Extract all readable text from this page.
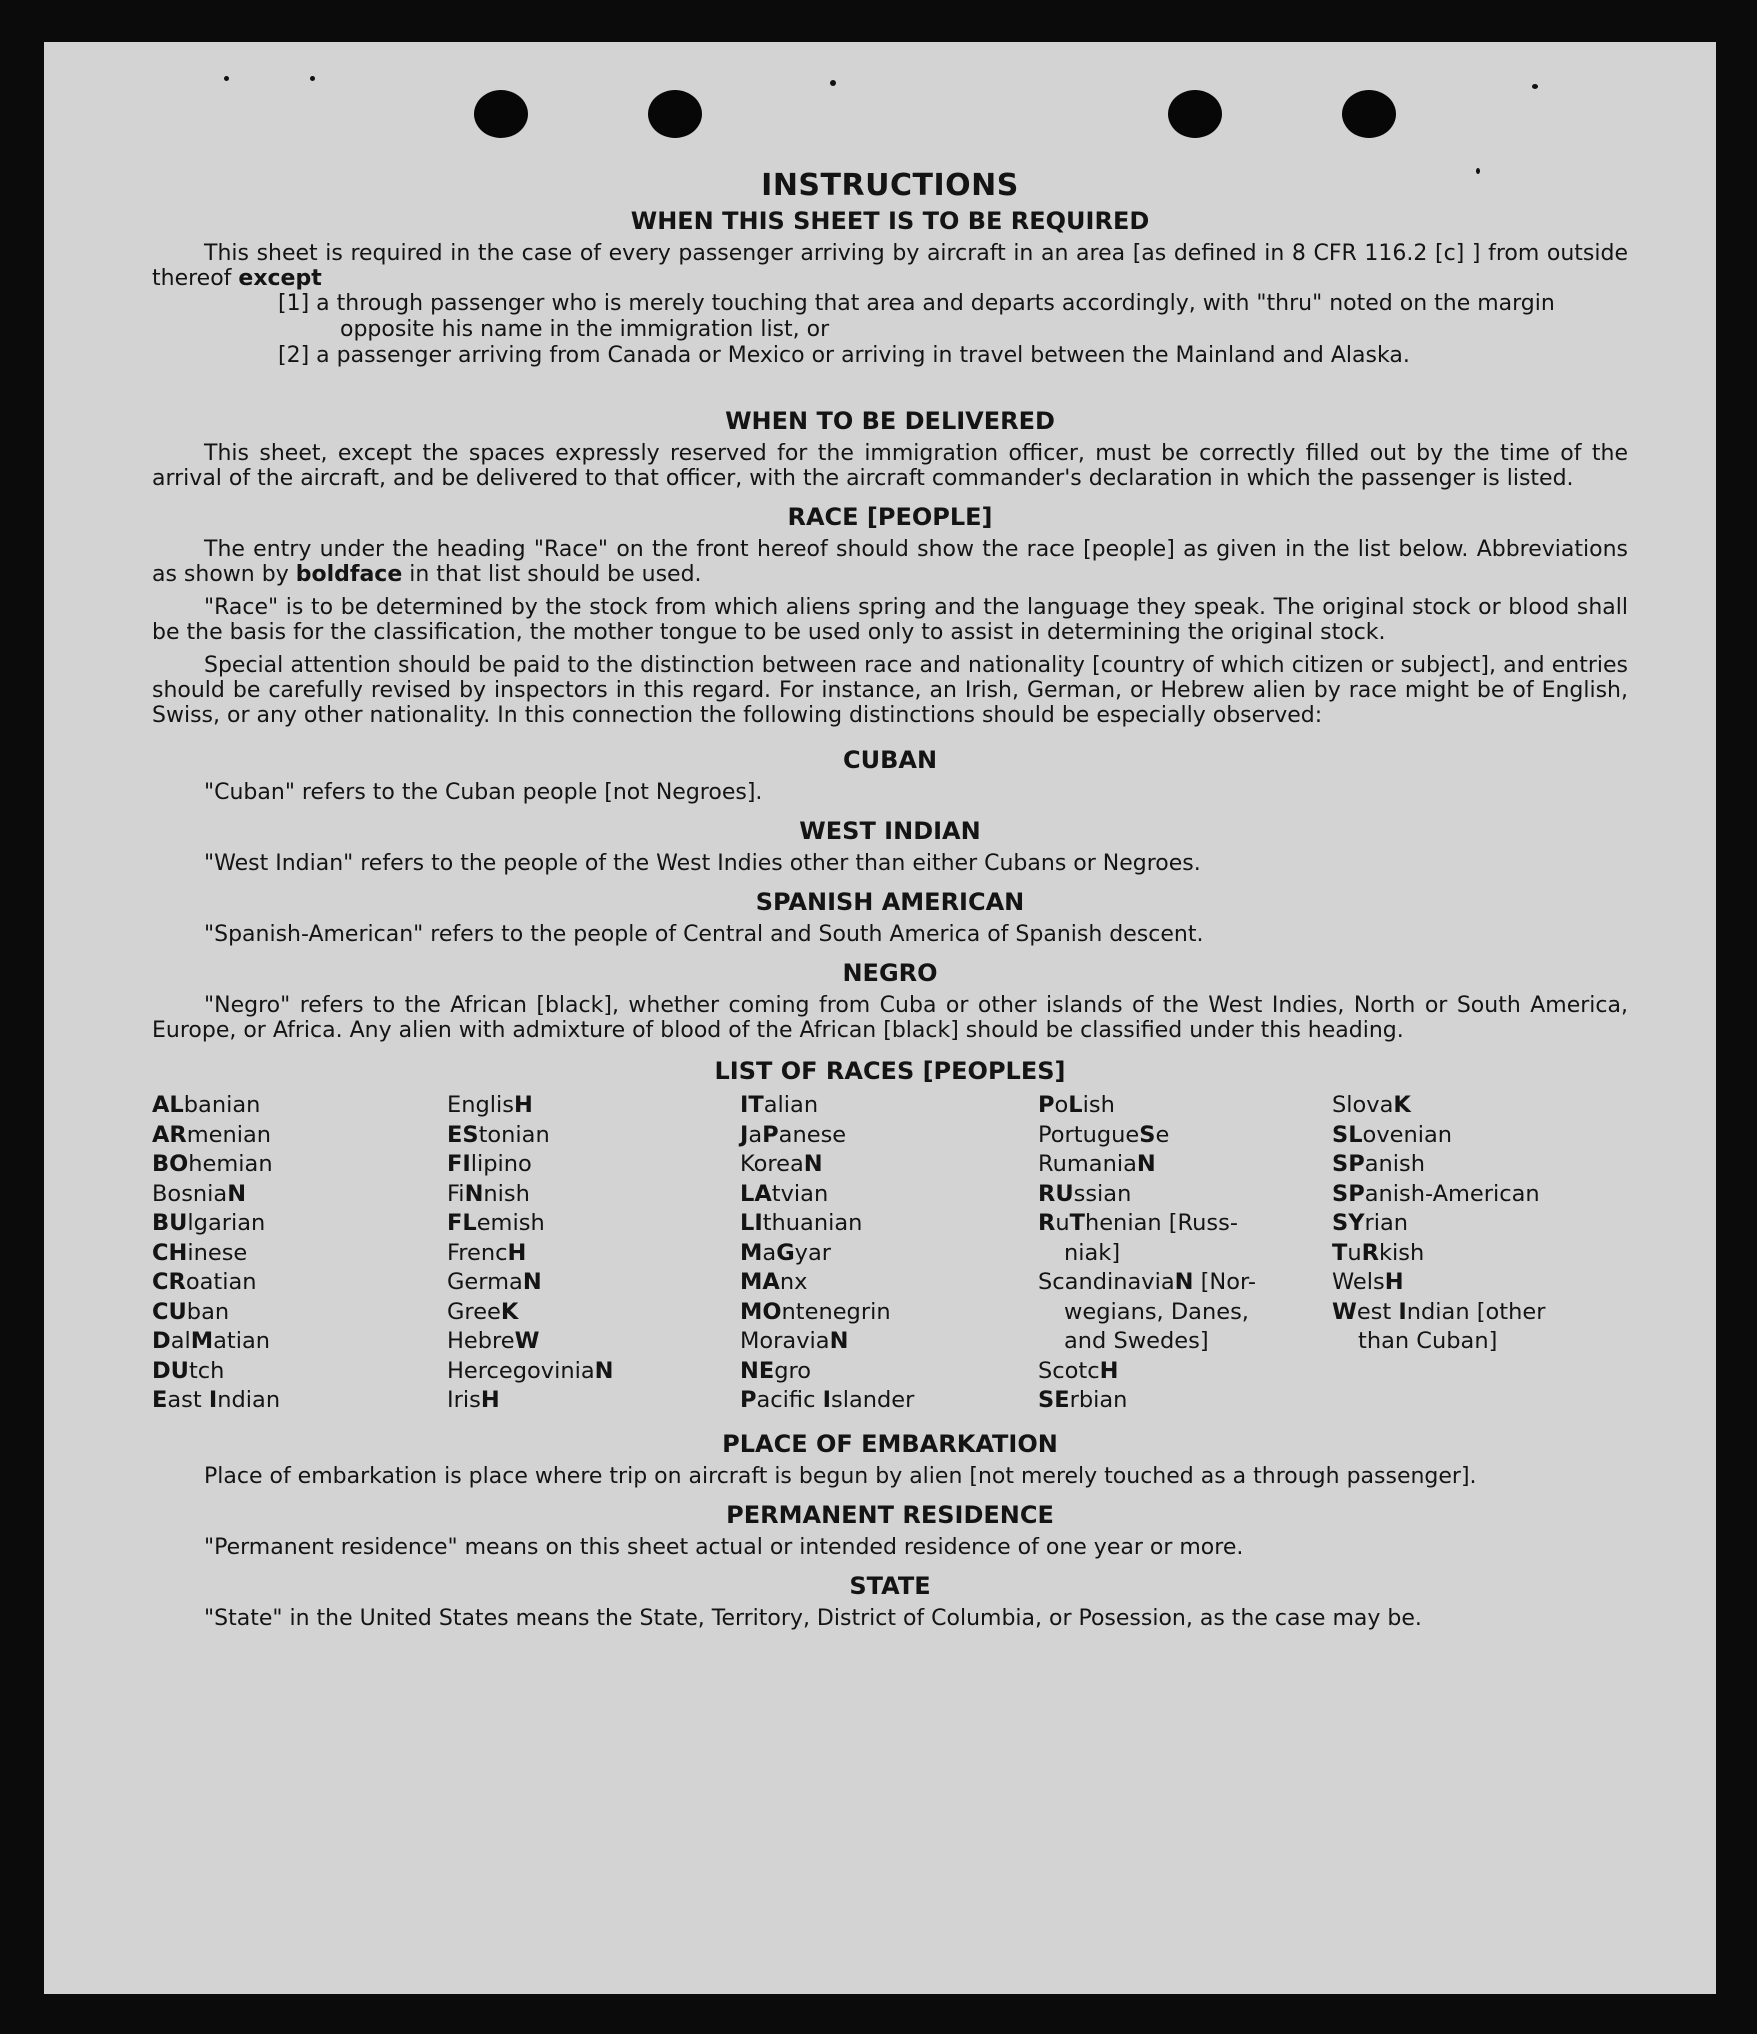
INSTRUCTIONS
WHEN THIS SHEET IS TO BE REQUIRED

This sheet is required in the case of every passenger arriving by aircraft in an area [as defined in 8 CFR 116.2 [c] ] from outside thereof except

[1] a through passenger who is merely touching that area and departs accordingly, with "thru" noted on the margin opposite his name in the immigration list, or

[2] a passenger arriving from Canada or Mexico or arriving in travel between the Mainland and Alaska.

WHEN TO BE DELIVERED

This sheet, except the spaces expressly reserved for the immigration officer, must be correctly filled out by the time of the arrival of the aircraft, and be delivered to that officer, with the aircraft commander's declaration in which the passenger is listed.

RACE [PEOPLE]

The entry under the heading "Race" on the front hereof should show the race [people] as given in the list below. Abbreviations as shown by boldface in that list should be used.

"Race" is to be determined by the stock from which aliens spring and the language they speak. The original stock or blood shall be the basis for the classification, the mother tongue to be used only to assist in determining the original stock.

Special attention should be paid to the distinction between race and nationality [country of which citizen or subject], and entries should be carefully revised by inspectors in this regard. For instance, an Irish, German, or Hebrew alien by race might be of English, Swiss, or any other nationality. In this connection the following distinctions should be especially observed:

CUBAN

"Cuban" refers to the Cuban people [not Negroes].

WEST INDIAN

"West Indian" refers to the people of the West Indies other than either Cubans or Negroes.

SPANISH AMERICAN

"Spanish-American" refers to the people of Central and South America of Spanish descent.

NEGRO

"Negro" refers to the African [black], whether coming from Cuba or other islands of the West Indies, North or South America, Europe, or Africa. Any alien with admixture of blood of the African [black] should be classified under this heading.

LIST OF RACES [PEOPLES]
ALbanian
ARmenian
BOhemian
BosniaN
BUlgarian
CHinese
CRoatian
CUban
DalMatian
DUtch
East Indian
EnglisH
EStonian
FIlipino
FiNnish
FLemish
FrencH
GermaN
GreeK
HebreW
HercegoviniaN
IrisH
ITalian
JaPanese
KoreaN
LAtvian
LIthuanian
MaGyar
MAnx
MOntenegrin
MoraviaN
NEgro
Pacific Islander
PoLish
PortugueSe
RumaniaN
RUssian
RuThenian [Russ-
niak]
ScandinaviaN [Nor-
wegians, Danes,
and Swedes]
ScotcH
SErbian
SlovaK
SLovenian
SPanish
SPanish-American
SYrian
TuRkish
WelsH
West Indian [other
than Cuban]
PLACE OF EMBARKATION

Place of embarkation is place where trip on aircraft is begun by alien [not merely touched as a through passenger].

PERMANENT RESIDENCE

"Permanent residence" means on this sheet actual or intended residence of one year or more.

STATE

"State" in the United States means the State, Territory, District of Columbia, or Posession, as the case may be.
